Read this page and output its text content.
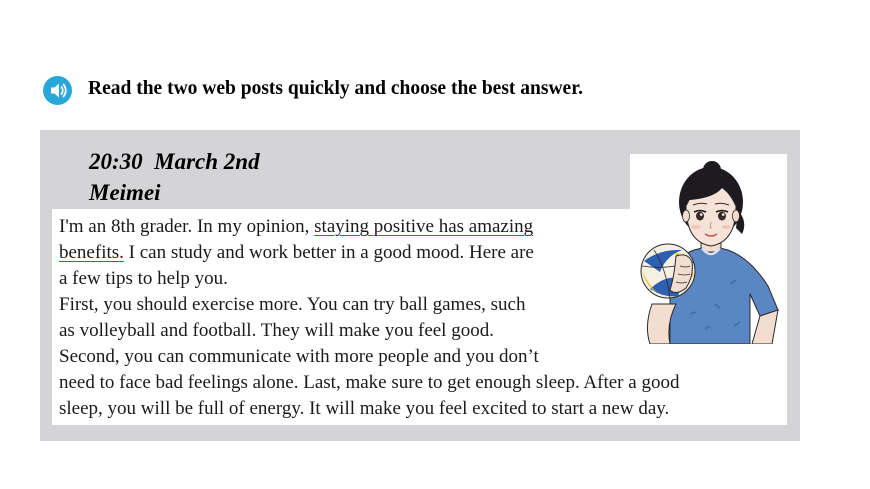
Read the two web posts quickly and choose the best answer.
20:30  March 2nd
Meimei
I'm an 8th grader. In my opinion, staying positive has amazing
benefits. I can study and work better in a good mood. Here are
a few tips to help you.
First, you should exercise more. You can try ball games, such
as volleyball and football. They will make you feel good.
Second, you can communicate with more people and you don’t
need to face bad feelings alone. Last, make sure to get enough sleep. After a good
sleep, you will be full of energy. It will make you feel excited to start a new day.
